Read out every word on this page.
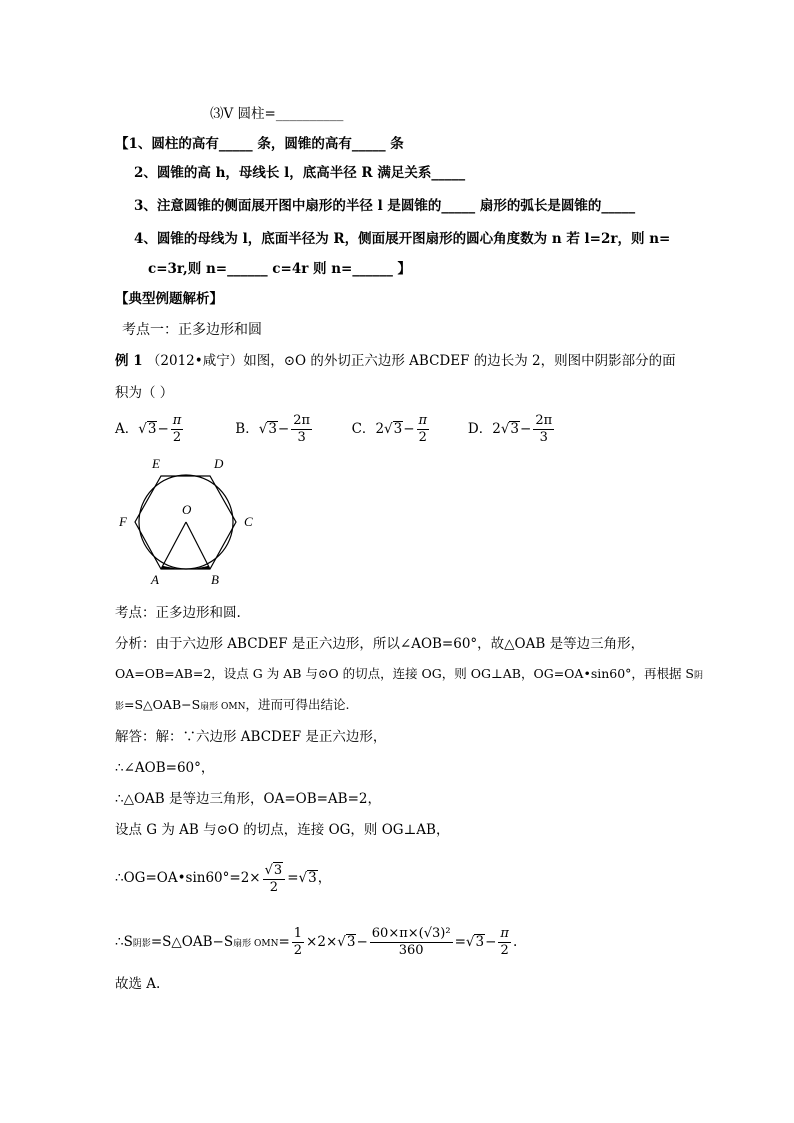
⑶V 圆柱=__________
【1、圆柱的高有_____ 条，圆锥的高有_____ 条
2、圆锥的高 h，母线长 l，底高半径 R 满足关系_____
3、注意圆锥的侧面展开图中扇形的半径 l 是圆锥的_____ 扇形的弧长是圆锥的_____
4、圆锥的母线为 l，底面半径为 R，侧面展开图扇形的圆心角度数为 n 若 l=2r，则 n=
c=3r,则 n=______ c=4r 则 n=______ 】
【典型例题解析】
考点一：正多边形和圆
例 1 （2012•咸宁）如图，⊙O 的外切正六边形 ABCDEF 的边长为 2，则图中阴影部分的面
积为（ ）
A．$√3- \frac{\pi}{2}$	B．$√3- \frac{2\pi}{3}$	C．$2√3- \frac{\pi}{2}$	D．$2√3- \frac{2\pi}{3}$
E	D
F
O
C
A	B
考点：正多边形和圆.
分析：由于六边形 ABCDEF 是正六边形，所以∠AOB=60°，故△OAB 是等边三角形，
OA=OB=AB=2，设点 G 为 AB 与⊙O 的切点，连接 OG，则 OG⊥AB，OG=OA•sin60°，再根据 S阴
影=S△OAB−S扇形 OMN，进而可得出结论.
解答：解：∵六边形 ABCDEF 是正六边形，
∴∠AOB=60°，
∴△OAB 是等边三角形，OA=OB=AB=2，
设点 G 为 AB 与⊙O 的切点，连接 OG，则 OG⊥AB，
∴OG=OA•sin60°=2× $\frac{√3}{2} =√3$，
∴S阴影=S△OAB−S扇形 $OMN= \frac{1}{2} \times 2\times√3- \frac{\text{60×π×(√3)²}}{360} =√3- \frac{\pi}{2}$ .
故选 A.
